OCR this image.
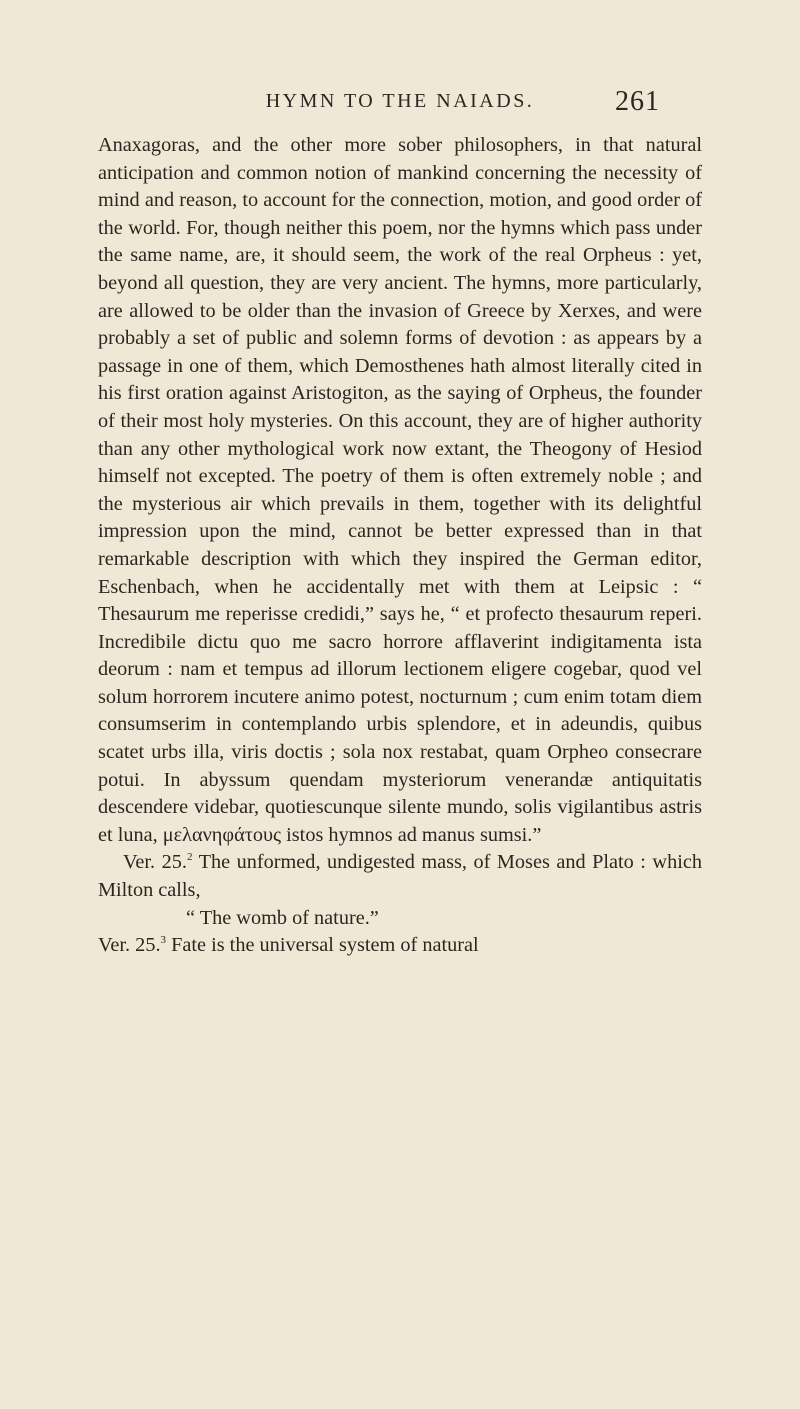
HYMN TO THE NAIADS.	261

Anaxagoras, and the other more sober philosophers, in that natural anticipation and common notion of mankind concerning the necessity of mind and reason, to account for the connection, motion, and good order of the world. For, though neither this poem, nor the hymns which pass under the same name, are, it should seem, the work of the real Orpheus : yet, beyond all question, they are very ancient. The hymns, more particularly, are allowed to be older than the invasion of Greece by Xerxes, and were probably a set of public and solemn forms of devotion : as appears by a passage in one of them, which Demosthenes hath almost literally cited in his first oration against Aristogiton, as the saying of Orpheus, the founder of their most holy mysteries. On this account, they are of higher authority than any other mythological work now extant, the Theogony of Hesiod himself not excepted. The poetry of them is often extremely noble ; and the mysterious air which prevails in them, together with its delightful impression upon the mind, cannot be better expressed than in that remarkable description with which they inspired the German editor, Eschenbach, when he accidentally met with them at Leipsic : “ Thesaurum me reperisse credidi,” says he, “ et profecto thesaurum reperi. Incredibile dictu quo me sacro horrore afflaverint indigitamenta ista deorum : nam et tempus ad illorum lectionem eligere cogebar, quod vel solum horrorem incutere animo potest, nocturnum ; cum enim totam diem consumserim in contemplando urbis splendore, et in adeundis, quibus scatet urbs illa, viris doctis ; sola nox restabat, quam Orpheo consecrare potui. In abyssum quendam mysteriorum venerandæ antiquitatis descendere videbar, quotiescunque silente mundo, solis vigilantibus astris et luna, μελανηφάτους istos hymnos ad manus sumsi.”

Ver. 25.$^2$ The unformed, undigested mass, of Moses and Plato : which Milton calls,

“ The womb of nature.”

Ver. 25.$^3$ Fate is the universal system of natural
